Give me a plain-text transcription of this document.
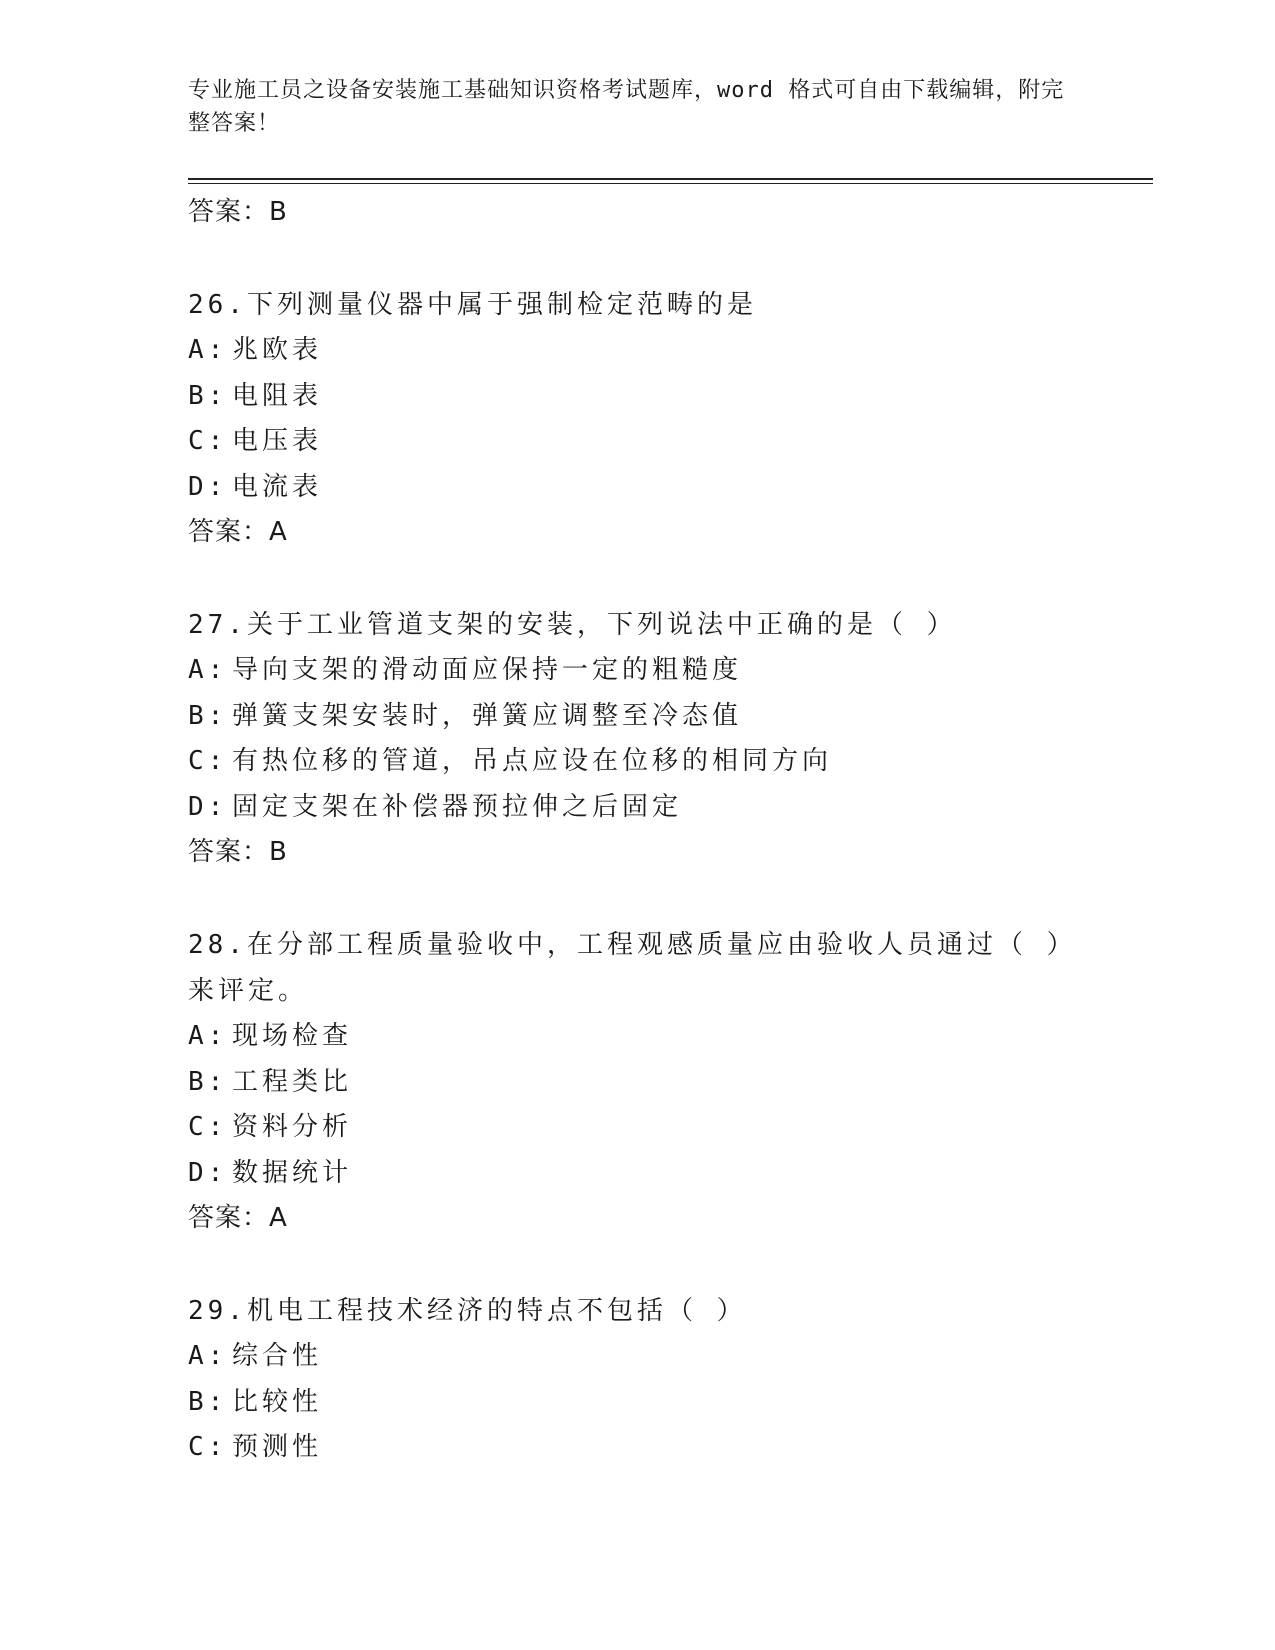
专业施工员之设备安装施工基础知识资格考试题库，word 格式可自由下载编辑，附完整答案！
答案：B
26.下列测量仪器中属于强制检定范畴的是
A: 兆欧表
B: 电阻表
C: 电压表
D: 电流表
答案：A
27.关于工业管道支架的安装，下列说法中正确的是（ ）
A: 导向支架的滑动面应保持一定的粗糙度
B: 弹簧支架安装时，弹簧应调整至冷态值
C: 有热位移的管道，吊点应设在位移的相同方向
D: 固定支架在补偿器预拉伸之后固定
答案：B
28.在分部工程质量验收中，工程观感质量应由验收人员通过（ ）来评定。
A: 现场检查
B: 工程类比
C: 资料分析
D: 数据统计
答案：A
29.机电工程技术经济的特点不包括（ ）
A: 综合性
B: 比较性
C: 预测性
